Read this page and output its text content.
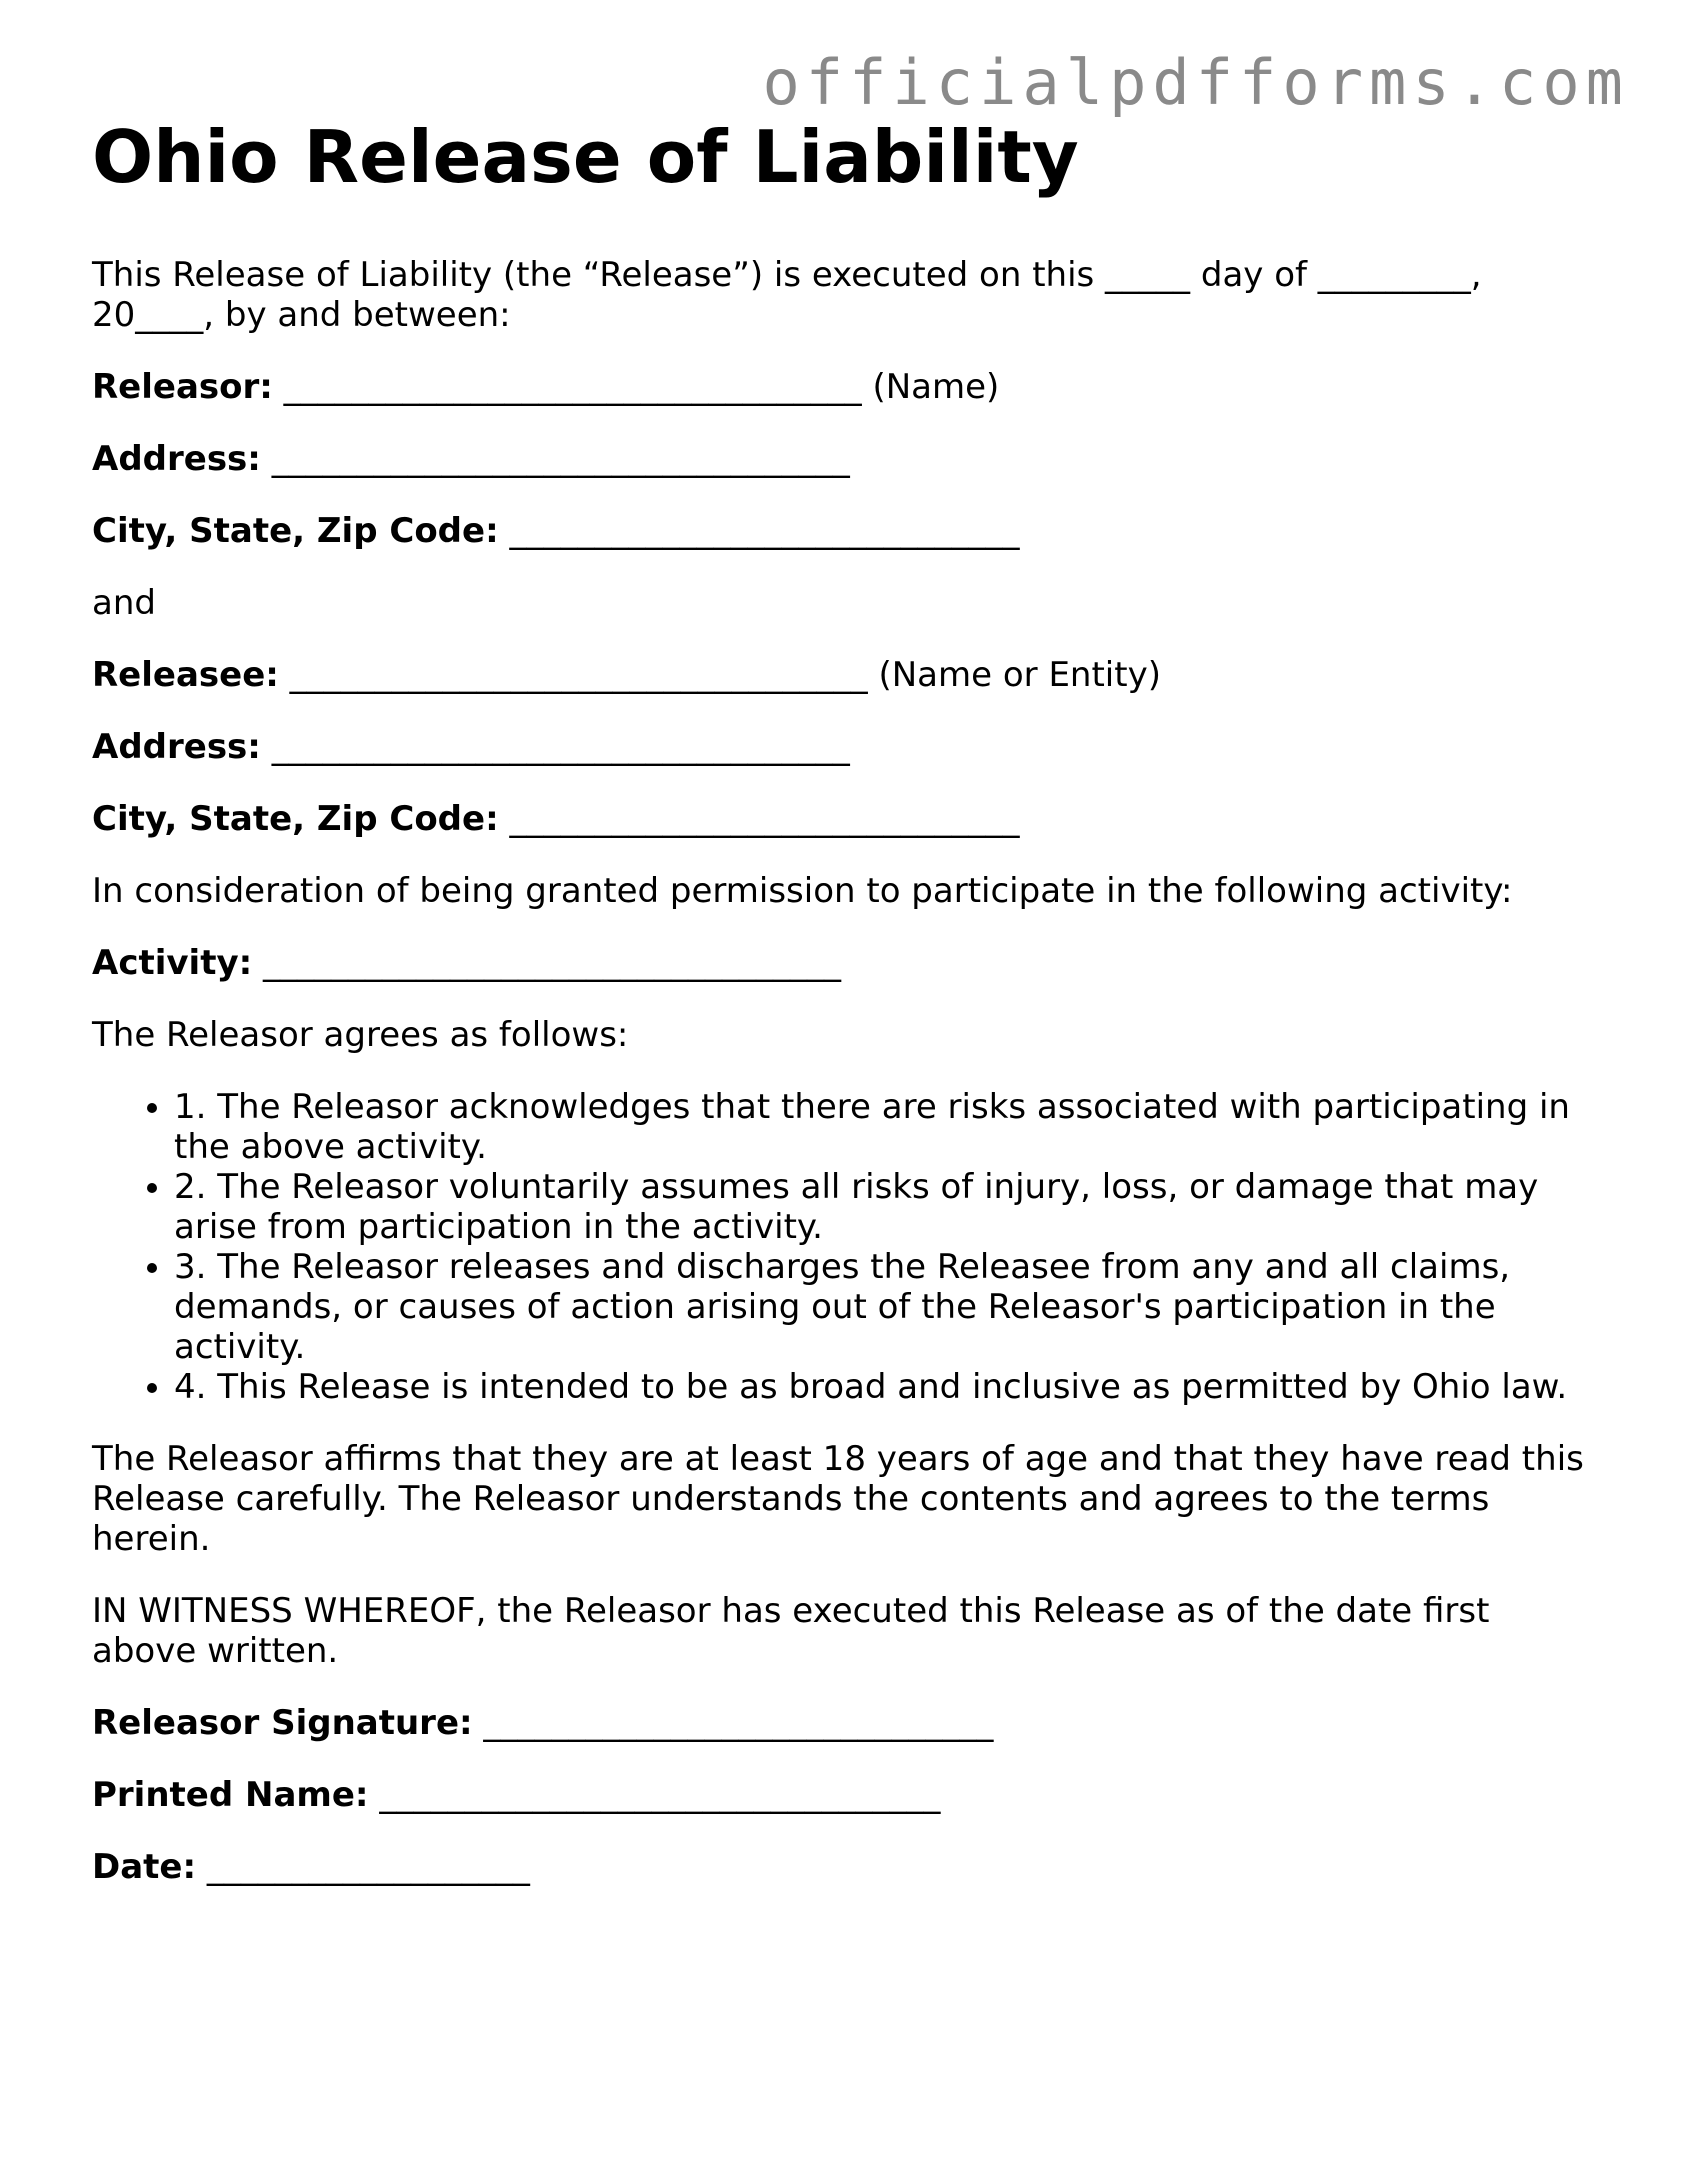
officialpdfforms.com
Ohio Release of Liability

This Release of Liability (the “Release”) is executed on this _____ day of _________, 20____, by and between:

Releasor: __________________________________ (Name)

Address: __________________________________

City, State, Zip Code: ______________________________

and

Releasee: __________________________________ (Name or Entity)

Address: __________________________________

City, State, Zip Code: ______________________________

In consideration of being granted permission to participate in the following activity:

Activity: __________________________________

The Releasor agrees as follows:

• 1. The Releasor acknowledges that there are risks associated with participating in the above activity.
• 2. The Releasor voluntarily assumes all risks of injury, loss, or damage that may arise from participation in the activity.
• 3. The Releasor releases and discharges the Releasee from any and all claims, demands, or causes of action arising out of the Releasor's participation in the activity.
• 4. This Release is intended to be as broad and inclusive as permitted by Ohio law.

The Releasor affirms that they are at least 18 years of age and that they have read this Release carefully. The Releasor understands the contents and agrees to the terms herein.

IN WITNESS WHEREOF, the Releasor has executed this Release as of the date first above written.

Releasor Signature: ______________________________

Printed Name: _________________________________

Date: ___________________
